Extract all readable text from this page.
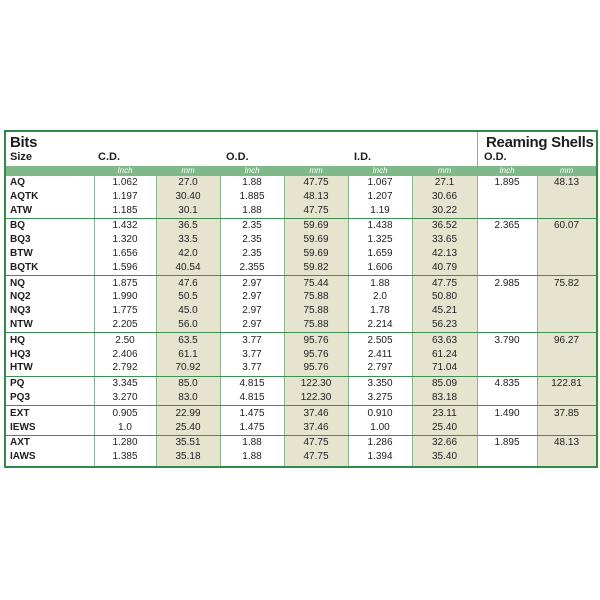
Bits
Size	C.D.	O.D.	I.D.
Reaming Shells
O.D.
Inch	mm	Inch	mm	Inch	mm	Inch	mm
AQ	1.062	27.0	1.88	47.75	1.067	27.1	1.895	48.13
AQTK	1.197	30.40	1.885	48.13	1.207	30.66
ATW	1.185	30.1	1.88	47.75	1.19	30.22
BQ	1.432	36.5	2.35	59.69	1.438	36.52	2.365	60.07
BQ3	1.320	33.5	2.35	59.69	1.325	33.65
BTW	1.656	42.0	2.35	59.69	1.659	42.13
BQTK	1.596	40.54	2.355	59.82	1.606	40.79
NQ	1.875	47.6	2.97	75.44	1.88	47.75	2.985	75.82
NQ2	1.990	50.5	2.97	75.88	2.0	50.80
NQ3	1.775	45.0	2.97	75.88	1.78	45.21
NTW	2.205	56.0	2.97	75.88	2.214	56.23
HQ	2.50	63.5	3.77	95.76	2.505	63.63	3.790	96.27
HQ3	2.406	61.1	3.77	95.76	2.411	61.24
HTW	2.792	70.92	3.77	95.76	2.797	71.04
PQ	3.345	85.0	4.815	122.30	3.350	85.09	4.835	122.81
PQ3	3.270	83.0	4.815	122.30	3.275	83.18
EXT	0.905	22.99	1.475	37.46	0.910	23.11	1.490	37.85
IEWS	1.0	25.40	1.475	37.46	1.00	25.40
AXT	1.280	35.51	1.88	47.75	1.286	32.66	1.895	48.13
IAWS	1.385	35.18	1.88	47.75	1.394	35.40
